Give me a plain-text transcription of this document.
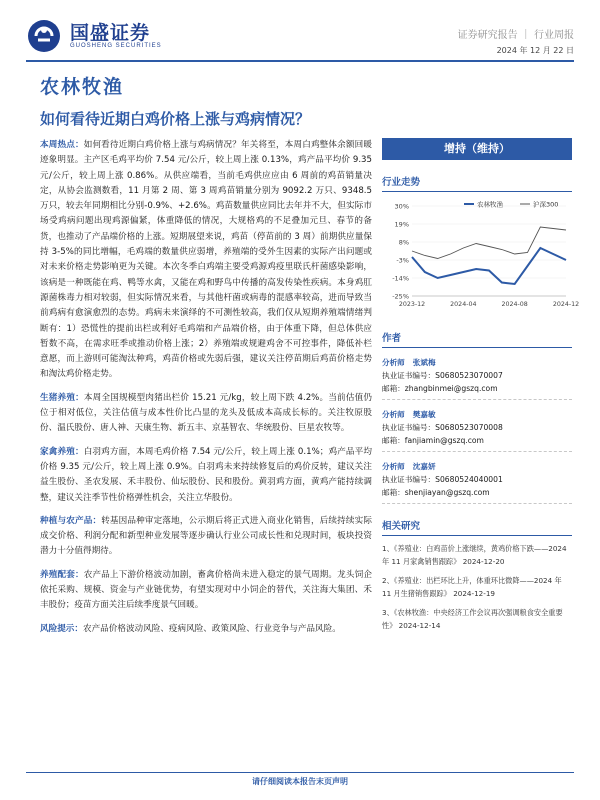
国盛证券
GUOSHENG SECURITIES
证券研究报告 ｜ 行业周报
2024 年 12 月 22 日
农林牧渔
如何看待近期白鸡价格上涨与鸡病情况？

本周热点：如何看待近期白鸡价格上涨与鸡病情况？年关将至，本周白鸡整体余额回暖迹象明显。主产区毛鸡平均价 7.54 元/公斤，较上周上涨 0.13%，鸡产品平均价 9.35 元/公斤，较上周上涨 0.86%。从供应端看，当前毛鸡供应应由 6 周前的鸡苗销量决定，从协会监测数看，11 月第 2 周、第 3 周鸡苗销量分别为 9092.2 万只、9348.5 万只，较去年同期相比分别-0.9%、+2.6%。鸡苗数量供应同比去年并不大，但实际市场受鸡病问题出现鸡源偏紧，体重降低的情况，大规格鸡的不足叠加元旦、春节的备货，也推动了产品端价格的上涨。短期展望来说，鸡苗（停苗前的 3 周）前期供应量保持 3-5%的同比增幅，毛鸡端的数量供应弱增，养殖端的受外生因素的实际产出问题或对未来价格走势影响更为关键。本次冬季白鸡端主要受鸡源鸡疫里联氏杆菌感染影响，该病是一种既能在鸡、鸭等水禽，又能在鸡和野鸟中传播的高发传染性疾病。本身鸡肛源菌株毒力相对较弱，但实际情况来看，与其他杆菌或病毒的混感率较高，进而导致当前鸡病有愈演愈烈的态势。鸡病未来演绎的不可测性较高，我们仅从短期养殖端情绪判断有：1）恐慌性的提前出栏或利好毛鸡端和产品端价格，由于体重下降，但总体供应暂数不高，在需求旺季或推动价格上涨；2）养殖端或规避鸡舍不可控事件，降低补栏意愿，而上游则可能淘汰种鸡，鸡苗价格或先弱后强，建议关注停苗期后鸡苗价格走势和淘汰鸡价格走势。

生猪养殖：本周全国规模型肉猪出栏价 15.21 元/kg，较上周下跌 4.2%。当前估值仍位于相对低位，关注估值与成本性价比凸显的龙头及低成本高成长标的。关注牧原股份、温氏股份、唐人神、天康生物、新五丰、京基智农、华统股份、巨星农牧等。

家禽养殖：白羽鸡方面，本周毛鸡价格 7.54 元/公斤，较上周上涨 0.1%；鸡产品平均价格 9.35 元/公斤，较上周上涨 0.9%。白羽鸡未来持续修复后的鸡价反转，建议关注益生股份、圣农发展、禾丰股份、仙坛股份、民和股份。黄羽鸡方面，黄鸡产能持续调整，建议关注季节性价格弹性机会，关注立华股份。

种植与农产品：转基因品种审定落地，公示期后将正式进入商业化销售，后续持续实际成交价格、利润分配和新型种业发展等逐步确认行业公司成长性和兑现时间，板块投资潜力十分值得期待。

养殖配套：农产品上下游价格波动加剧，畜禽价格尚未进入稳定的景气周期。龙头饲企依托采购、规模、资金与产业链优势，有望实现对中小饲企的替代，关注海大集团、禾丰股份；疫苗方面关注后续季度景气回暖。

风险提示：农产品价格波动风险、疫病风险、政策风险、行业竞争与产品风险。

增持（维持）
行业走势
30%
19%
8%
-3%
-14%
-25%
2023-12	2024-04	2024-08	2024-12
农林牧渔	沪深300
作者
分析师 张斌梅
执业证书编号：S0680523070007
邮箱：zhangbinmei@gszq.com
分析师 樊嘉敏
执业证书编号：S0680523070008
邮箱：fanjiamin@gszq.com
分析师 沈嘉妍
执业证书编号：S0680524040001
邮箱：shenjiayan@gszq.com
相关研究
1、《养殖业：白鸡苗价上涨继续，黄鸡价格下跌——2024 年 11 月家禽销售跟踪》 2024-12-20
2、《养殖业：出栏环比上升，体重环比微降——2024 年 11 月生猪销售跟踪》 2024-12-19
3、《农林牧渔：中央经济工作会议再次强调粮食安全重要性》 2024-12-14
请仔细阅读本报告末页声明
